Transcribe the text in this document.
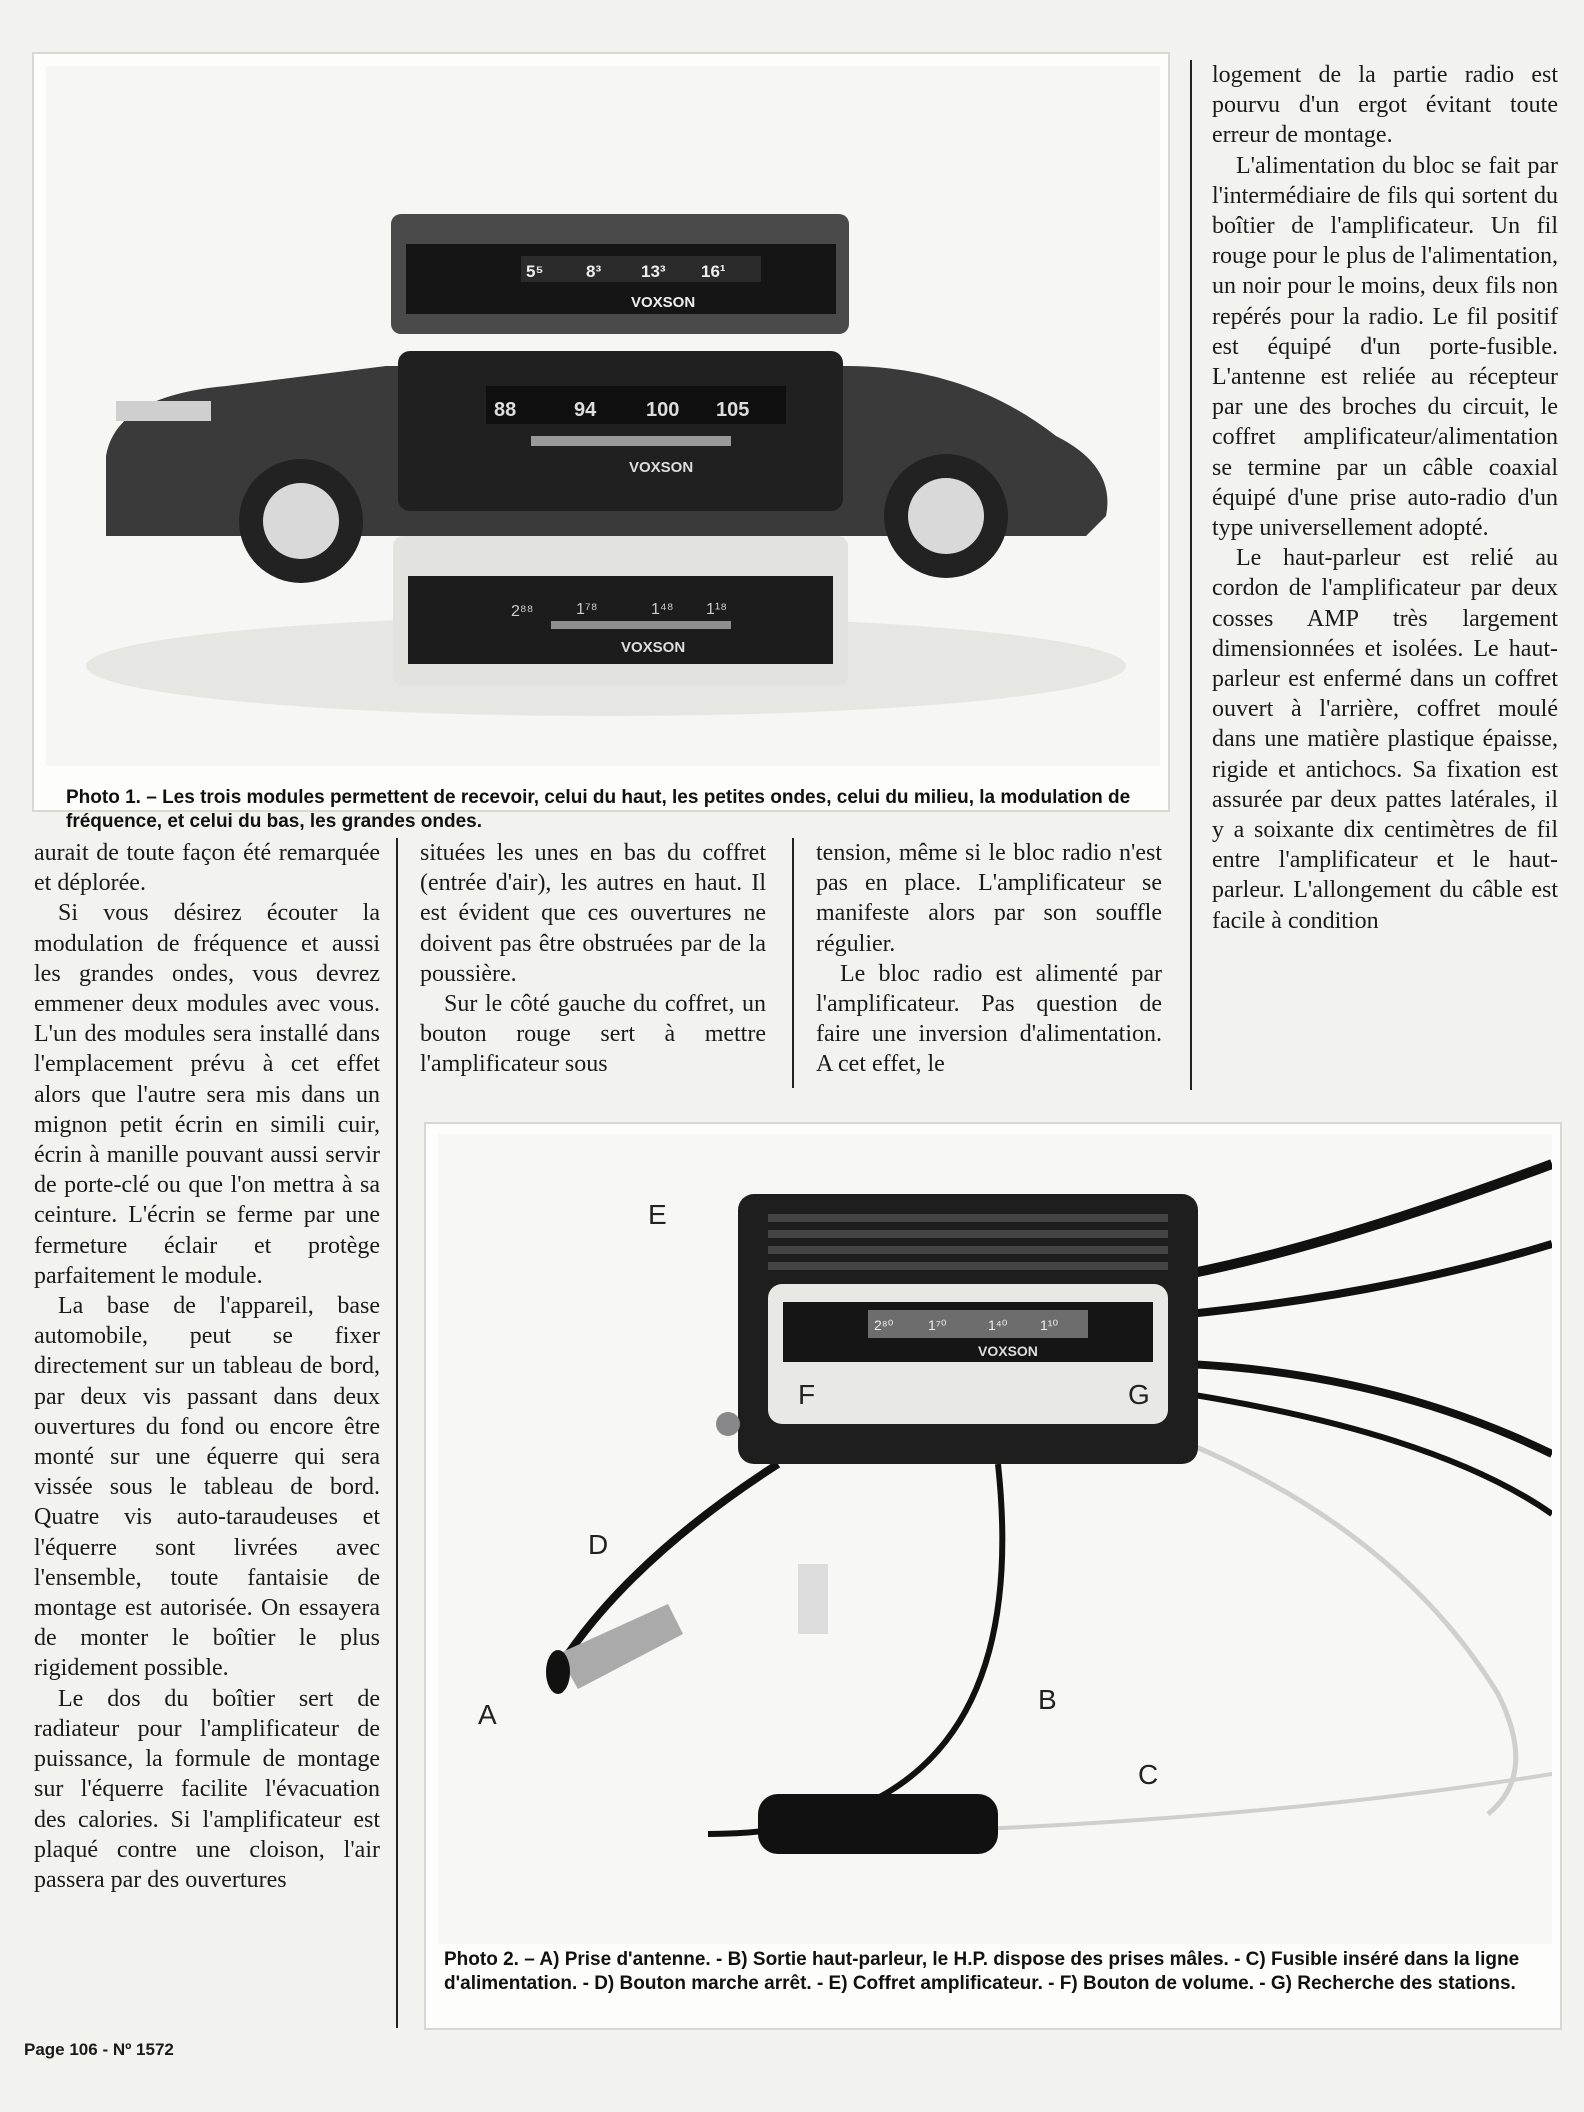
5⁵	8³ 13³ 16¹
VOXSON
88	94 100 105
VOXSON
2⁸⁸	1⁷⁸	1⁴⁸ 1¹⁸
VOXSON
Photo 1. – Les trois modules permettent de recevoir, celui du haut, les petites ondes, celui du milieu, la modulation de fréquence, et celui du bas, les grandes ondes.

logement de la partie radio est pourvu d'un ergot évitant toute erreur de montage.

L'alimentation du bloc se fait par l'intermédiaire de fils qui sortent du boîtier de l'amplificateur. Un fil rouge pour le plus de l'alimentation, un noir pour le moins, deux fils non repérés pour la radio. Le fil positif est équipé d'un porte-fusible. L'antenne est reliée au récepteur par une des broches du circuit, le coffret amplificateur/alimentation se termine par un câble coaxial équipé d'une prise auto-radio d'un type universellement adopté.

Le haut-parleur est relié au cordon de l'amplificateur par deux cosses AMP très largement dimensionnées et isolées. Le haut-parleur est enfermé dans un coffret ouvert à l'arrière, coffret moulé dans une matière plastique épaisse, rigide et antichocs. Sa fixation est assurée par deux pattes latérales, il y a soixante dix centimètres de fil entre l'amplificateur et le haut-parleur. L'allongement du câble est facile à condition

aurait de toute façon été remarquée et déplorée.

Si vous désirez écouter la modulation de fréquence et aussi les grandes ondes, vous devrez emmener deux modules avec vous. L'un des modules sera installé dans l'emplacement prévu à cet effet alors que l'autre sera mis dans un mignon petit écrin en simili cuir, écrin à manille pouvant aussi servir de porte-clé ou que l'on mettra à sa ceinture. L'écrin se ferme par une fermeture éclair et protège parfaitement le module.

La base de l'appareil, base automobile, peut se fixer directement sur un tableau de bord, par deux vis passant dans deux ouvertures du fond ou encore être monté sur une équerre qui sera vissée sous le tableau de bord. Quatre vis auto-taraudeuses et l'équerre sont livrées avec l'ensemble, toute fantaisie de montage est autorisée. On essayera de monter le boîtier le plus rigidement possible.

Le dos du boîtier sert de radiateur pour l'amplificateur de puissance, la formule de montage sur l'équerre facilite l'évacuation des calories. Si l'amplificateur est plaqué contre une cloison, l'air passera par des ouvertures

situées les unes en bas du coffret (entrée d'air), les autres en haut. Il est évident que ces ouvertures ne doivent pas être obstruées par de la poussière.

Sur le côté gauche du coffret, un bouton rouge sert à mettre l'amplificateur sous

tension, même si le bloc radio n'est pas en place. L'amplificateur se manifeste alors par son souffle régulier.

Le bloc radio est alimenté par l'amplificateur. Pas question de faire une inversion d'alimentation. A cet effet, le

2⁸⁰ 1⁷⁰	1⁴⁰ 1¹⁰
VOXSON
E
F	G
D
A	B
C
Photo 2. – A) Prise d'antenne. - B) Sortie haut-parleur, le H.P. dispose des prises mâles. - C) Fusible inséré dans la ligne d'alimentation. - D) Bouton marche arrêt. - E) Coffret amplificateur. - F) Bouton de volume. - G) Recherche des stations.
Page 106 - Nº 1572
